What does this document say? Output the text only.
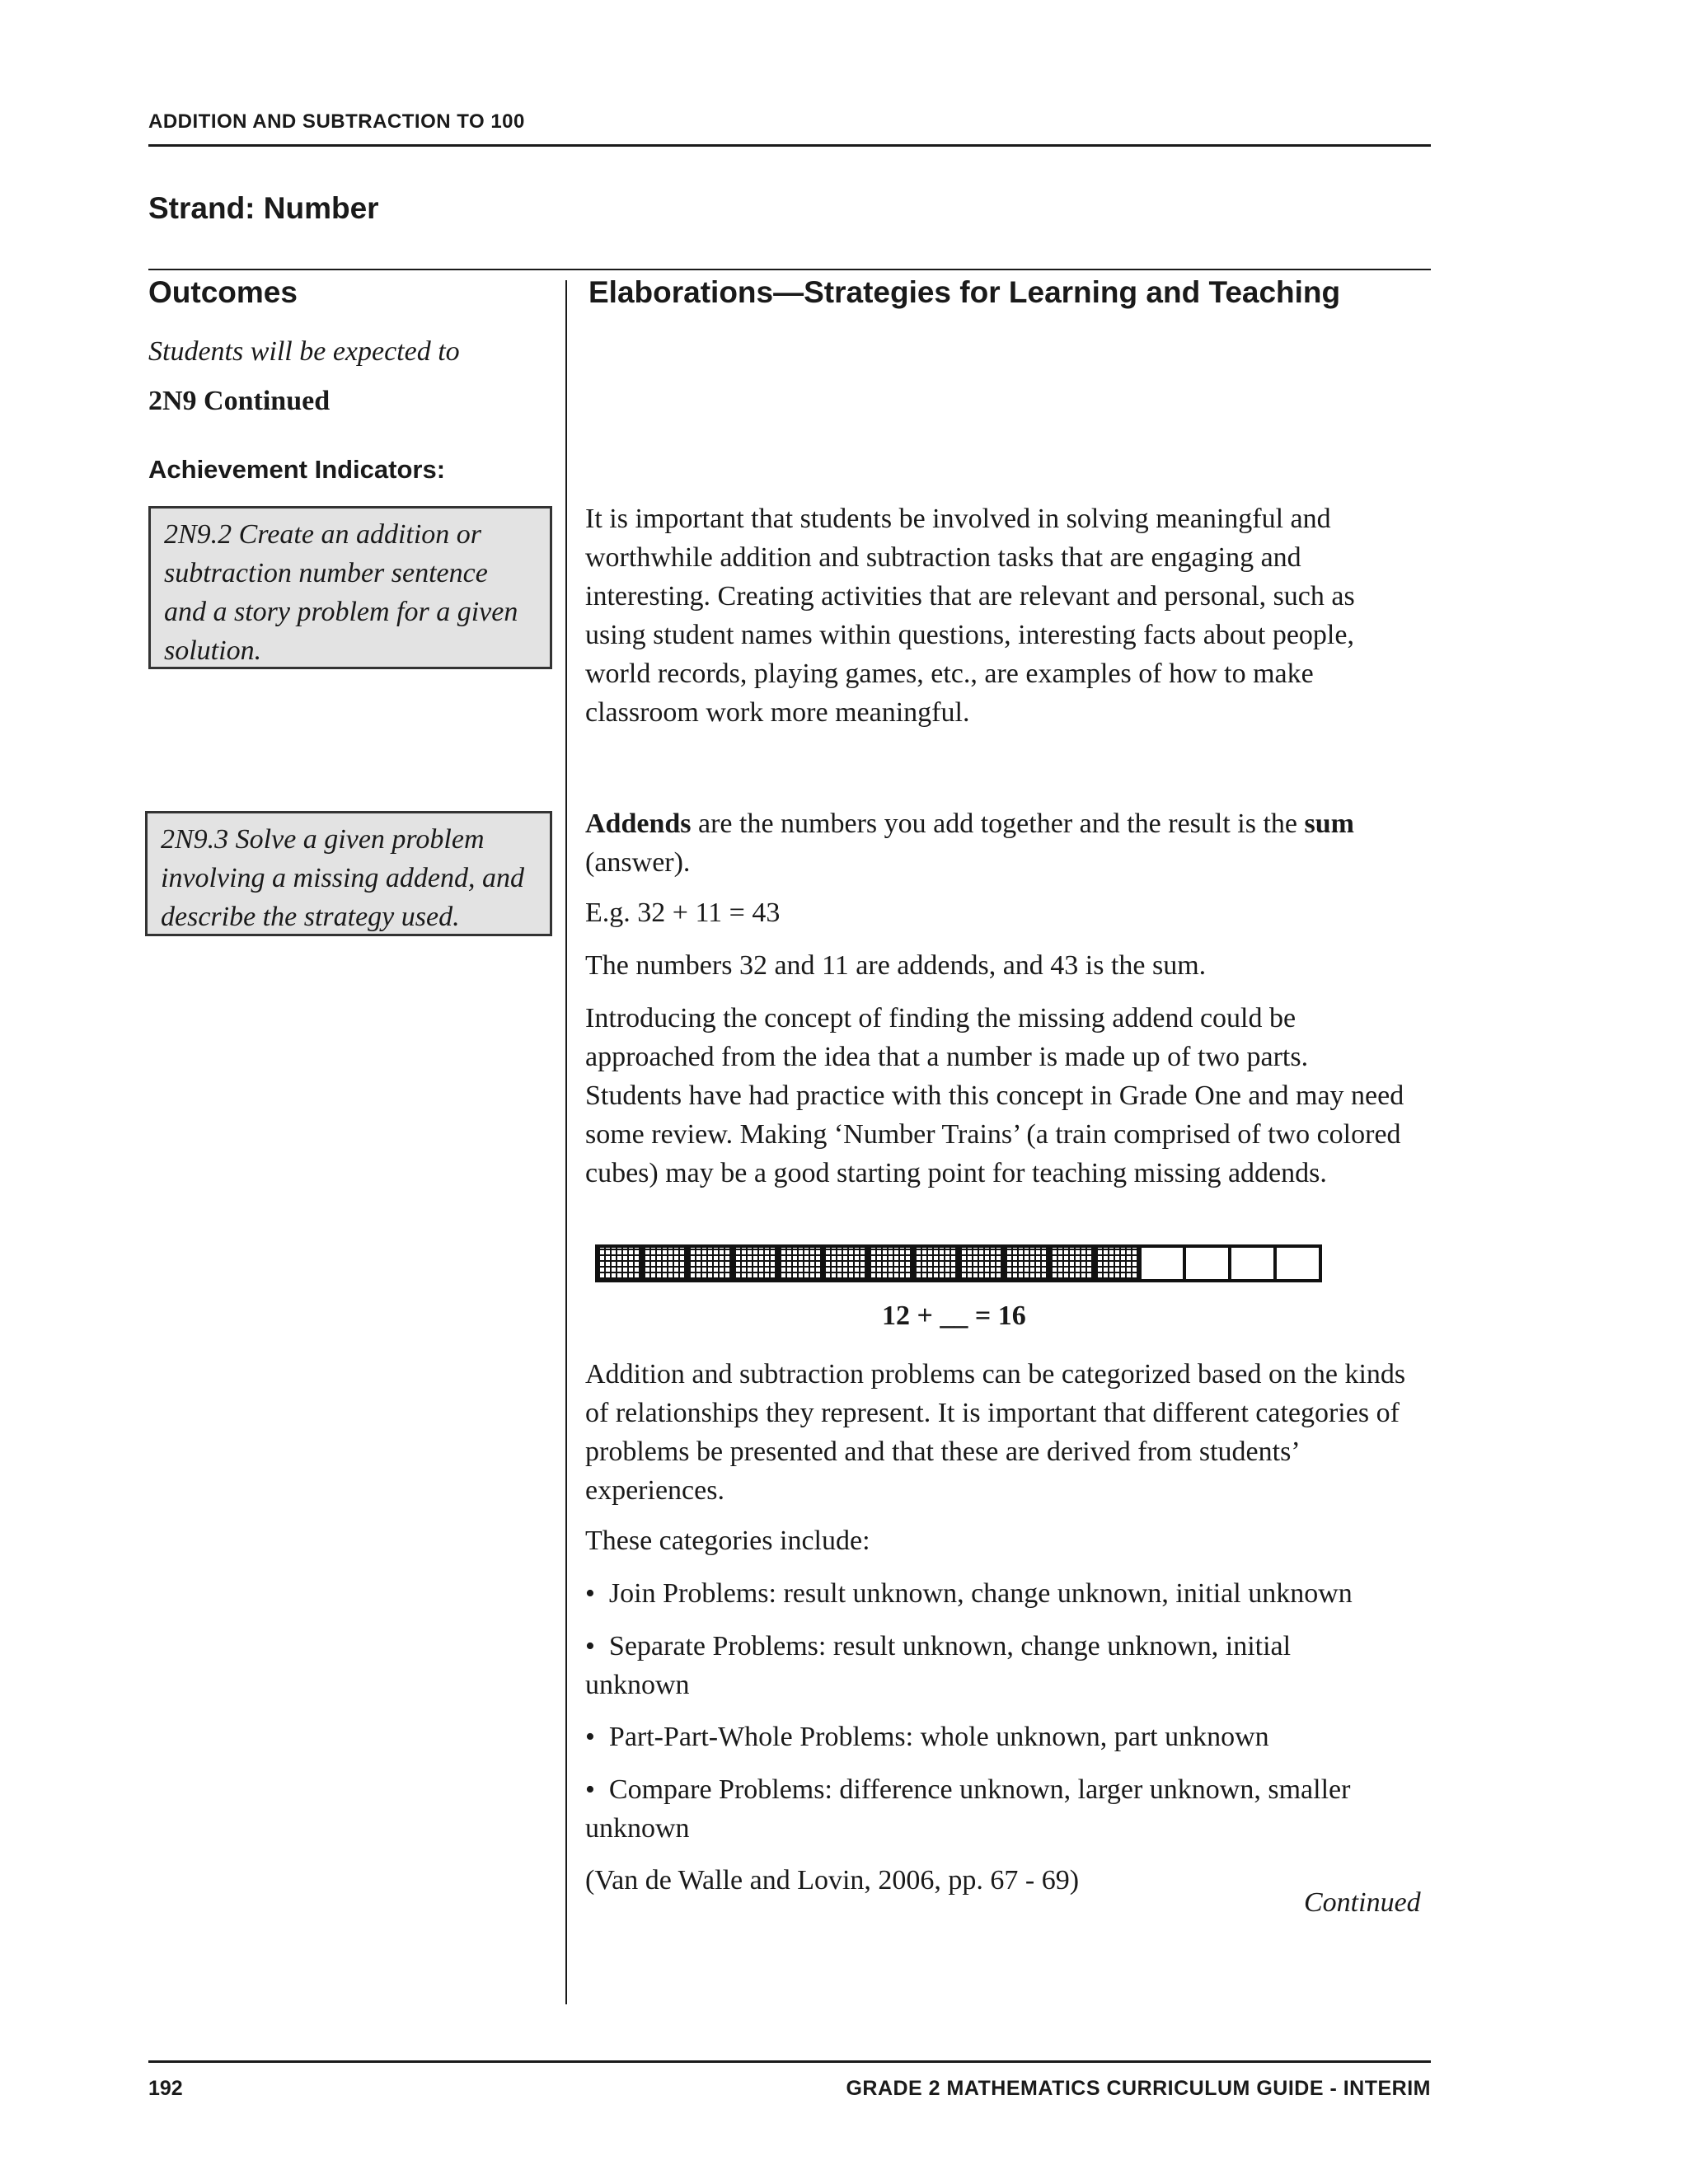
ADDITION AND SUBTRACTION TO 100
Strand: Number
Outcomes
Students will be expected to
2N9 Continued
Achievement Indicators:
2N9.2 Create an addition or subtraction number sentence and a story problem for a given solution.
2N9.3 Solve a given problem involving a missing addend, and describe the strategy used.
Elaborations—Strategies for Learning and Teaching

It is important that students be involved in solving meaningful and worthwhile addition and subtraction tasks that are engaging and interesting. Creating activities that are relevant and personal, such as using student names within questions, interesting facts about people, world records, playing games, etc., are examples of how to make classroom work more meaningful.

Addends are the numbers you add together and the result is the sum (answer).

E.g. 32 + 11 = 43

The numbers 32 and 11 are addends, and 43 is the sum.

Introducing the concept of finding the missing addend could be approached from the idea that a number is made up of two parts. Students have had practice with this concept in Grade One and may need some review. Making ‘Number Trains’ (a train comprised of two colored cubes) may be a good starting point for teaching missing addends.

12 + __ = 16

Addition and subtraction problems can be categorized based on the kinds of relationships they represent. It is important that different categories of problems be presented and that these are derived from students’ experiences.

These categories include:

•  Join Problems: result unknown, change unknown, initial unknown

•  Separate Problems: result unknown, change unknown, initial unknown

•  Part-Part-Whole Problems: whole unknown, part unknown

•  Compare Problems: difference unknown, larger unknown, smaller unknown

(Van de Walle and Lovin, 2006, pp. 67 - 69)

Continued
192	GRADE 2 MATHEMATICS CURRICULUM GUIDE - INTERIM
